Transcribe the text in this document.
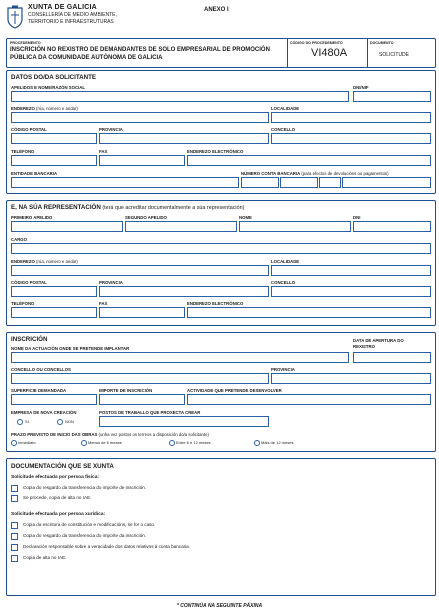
XUNTA DE GALICIA
CONSELLERÍA DE MEDIO AMBIENTE,
TERRITORIO E INFRAESTRUTURAS
ANEXO I
PROCEDEMENTO
INSCRICIÓN NO REXISTRO DE DEMANDANTES DE SOLO EMPRESARIAL DE PROMOCIÓN PÚBLICA DA COMUNIDADE AUTÓNOMA DE GALICIA
CÓDIGO DO PROCEDEMENTO
VI480A
DOCUMENTO
SOLICITUDE
DATOS DO/DA SOLICITANTE
APELIDOS E NOME/RAZÓN SOCIAL	DNI/NIF
ENDEREZO (rúa, número e andar)	LOCALIDADE
CÓDIGO POSTAL	PROVINCIA	CONCELLO
TELÉFONO	FAX	ENDEREZO ELECTRÓNICO
ENTIDADE BANCARIA	NÚMERO CONTA BANCARIA (para efectos de devolucións ou pagamentos)
E, NA SÚA REPRESENTACIÓN (terá que acreditar documentalmente a súa representación)
PRIMEIRO APELIDO	SEGUNDO APELIDO	NOME	DNI
CARGO
ENDEREZO (rúa, número e andar)	LOCALIDADE
CÓDIGO POSTAL	PROVINCIA	CONCELLO
TELÉFONO	FAX	ENDEREZO ELECTRÓNICO
INSCRICIÓN
NOME DA ACTUACIÓN ONDE SE PRETENDE IMPLANTAR
DATA DE APERTURA DO REXISTRO
CONCELLO OU CONCELLOS	PROVINCIA
SUPERFICIE DEMANDADA	IMPORTE DE INSCRICIÓN	ACTIVIDADE QUE PRETENDE DESENVOLVER
EMPRESA DE NOVA CREACIÓN
SI	NON
POSTOS DE TRABALLO QUE PROXECTA CREAR
PRAZO PREVISTO DE INICIO DAS OBRAS (unha vez postos os terreos a disposición do/a solicitante)
Inmediato	Menos de 6 meses	Entre 6 e 12 meses	Máis de 12 meses
DOCUMENTACIÓN QUE SE XUNTA
Solicitude efectuada por persoa física:
Copia do resgardo da transferencia do importe de inscrición.
Se procede, copia de alta no IAE.
Solicitude efectuada por persoa xurídica:
Copia da escritura de constitución e modificacións, se for o caso.
Copia do resgardo da transferencia do importe da inscrición.
Declaración responsable sobre a veracidade dos datos relativos á conta bancaria.
Copia de alta no IAE.
* CONTINÚA NA SEGUINTE PÁXINA
